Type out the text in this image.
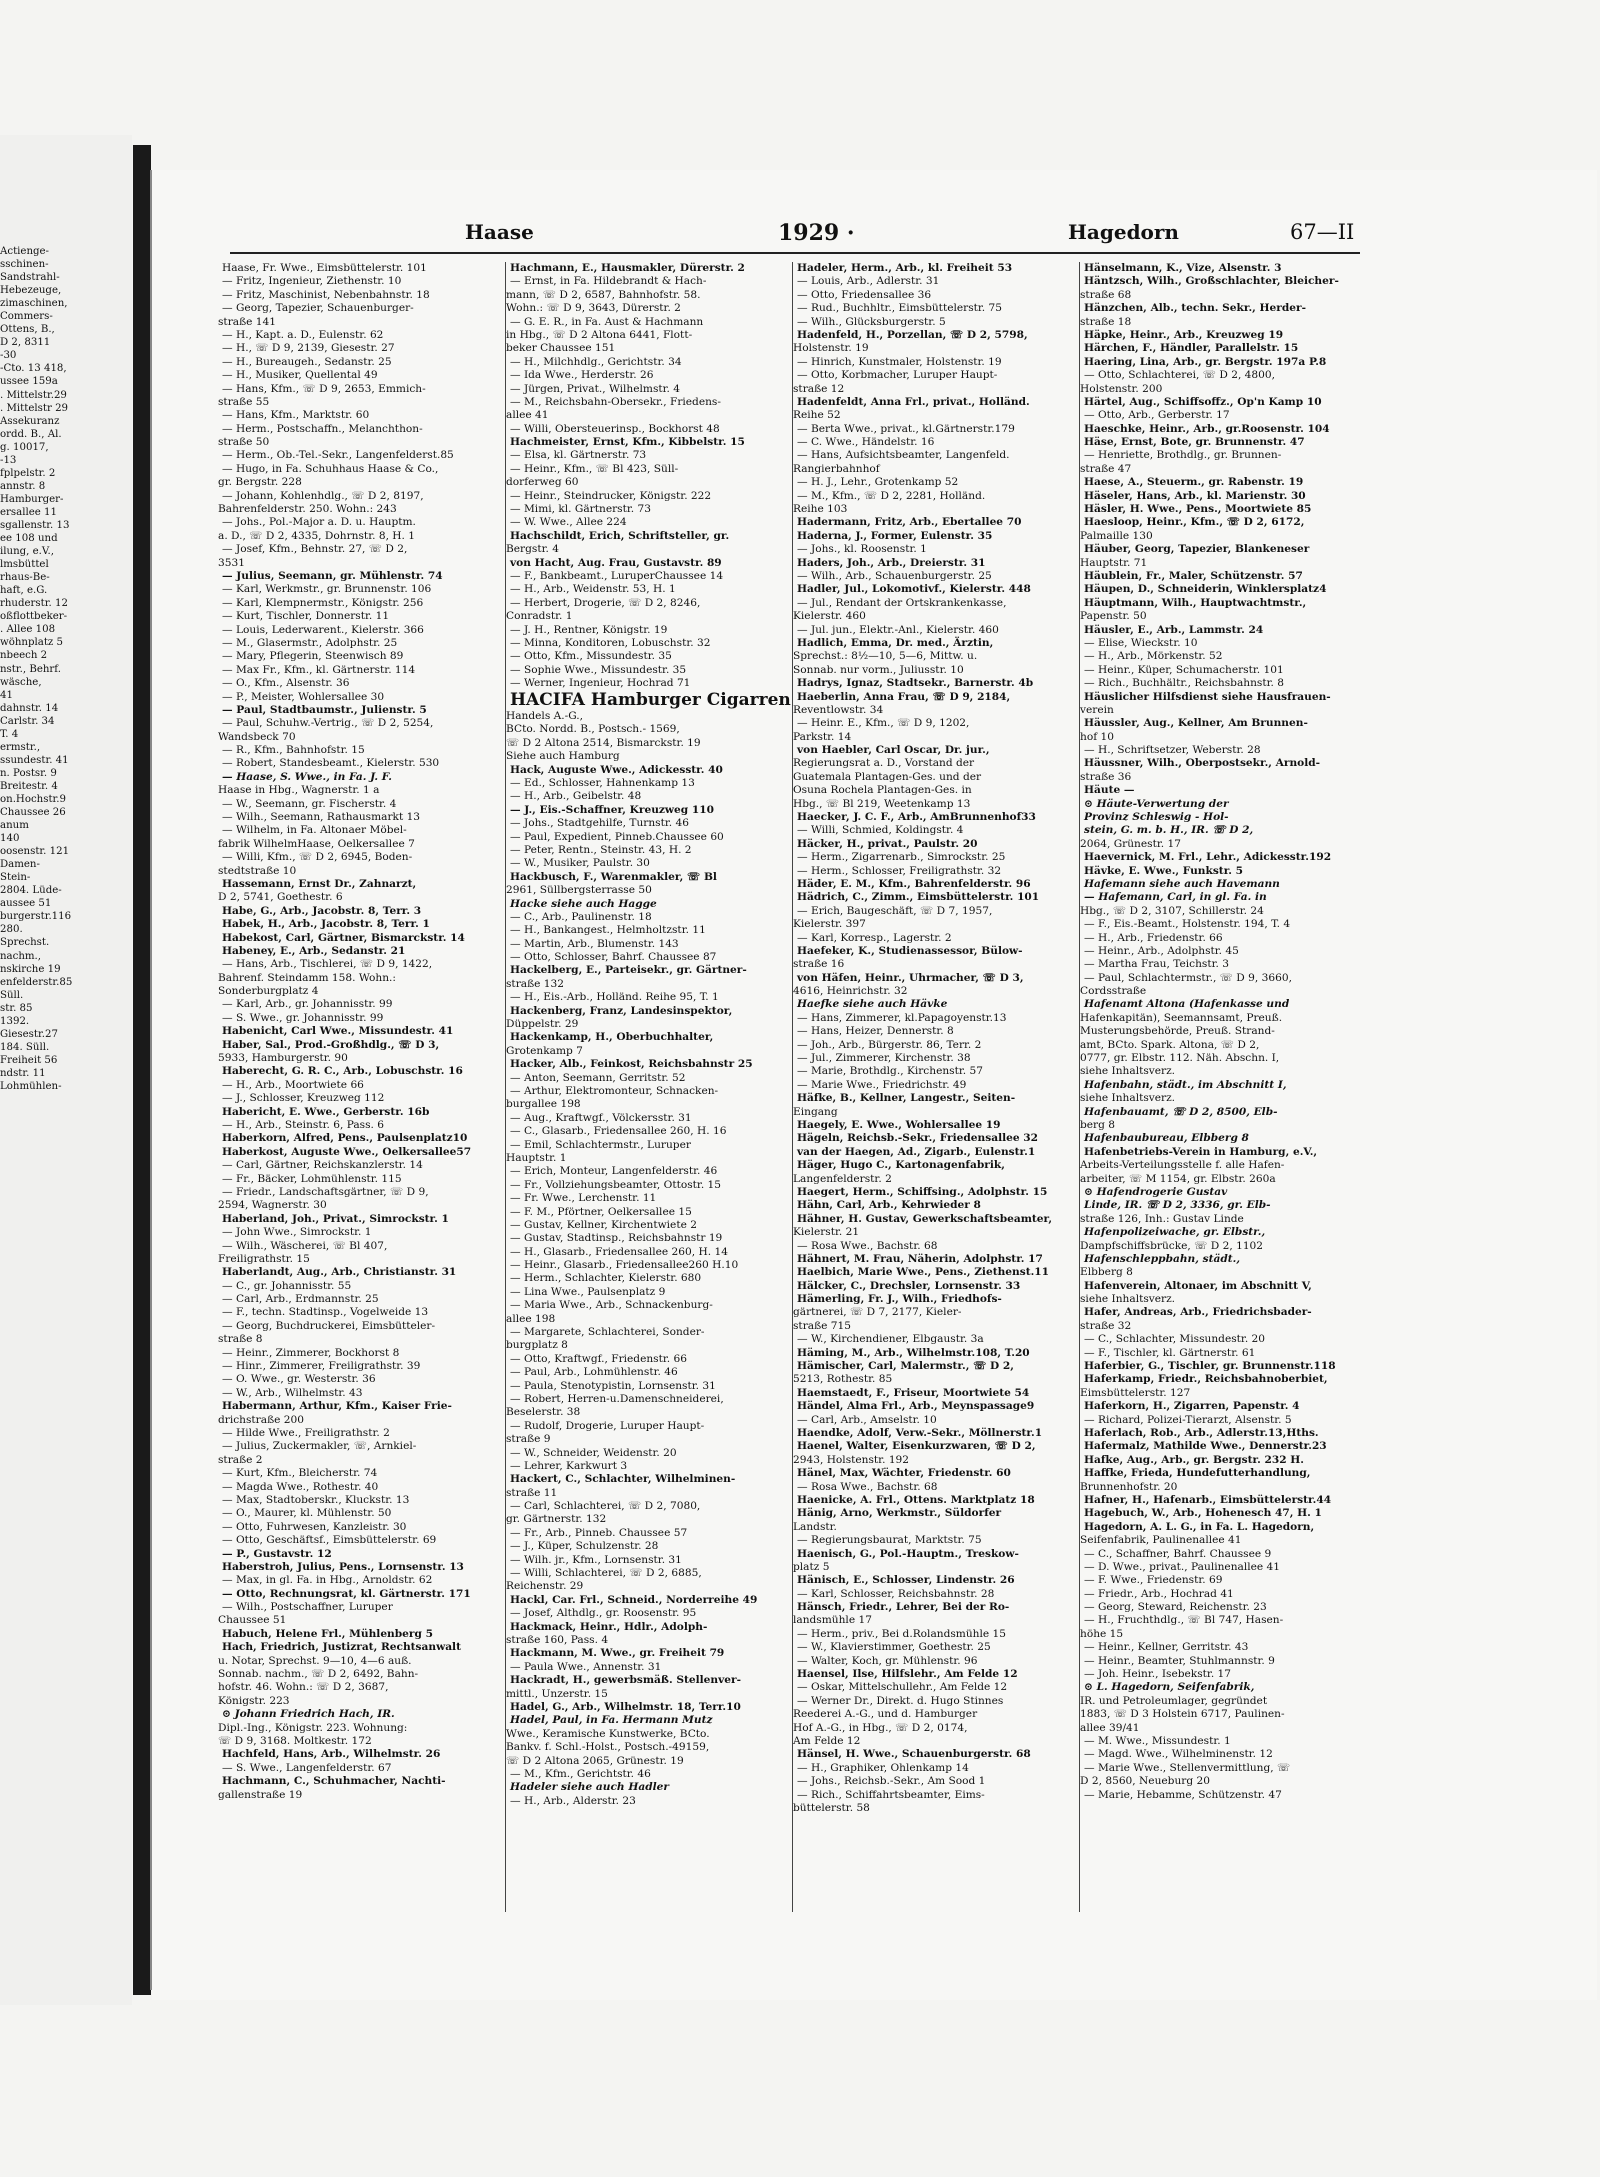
Actienge-
sschinen-
Sandstrahl-
Hebezeuge,
zimaschinen,
Commers-
Ottens, B.,
D 2, 8311
-30
-Cto. 13 418,
ussee 159a
. Mittelstr.29
. Mittelstr 29
Assekuranz
ordd. B., Al.
g. 10017,
-13
fplpelstr. 2
annstr. 8
Hamburger-
ersallee 11
sgallenstr. 13
ee 108 und
ilung, e.V.,
lmsbüttel
rhaus-Be-
haft, e.G.
rhuderstr. 12
oßflottbeker-
. Allee 108
wöhnplatz 5
nbeech 2
nstr., Behrf.
wäsche,
41
dahnstr. 14
Carlstr. 34
T. 4
ermstr.,
ssundestr. 41
n. Postsr. 9
Breitestr. 4
on.Hochstr.9
Chaussee 26
anum
140
oosenstr. 121
Damen-
Stein-
2804. Lüde-
aussee 51
burgerstr.116
280.
Sprechst.
nachm.,
nskirche 19
enfelderstr.85
Süll.
str. 85
1392.
Giesestr.27
184. Süll.
Freiheit 56
ndstr. 11
Lohmühlen-
Haase	1929 ·	Hagedorn	67—II
Haase, Fr. Wwe., Eimsbüttelerstr. 101
— Fritz, Ingenieur, Ziethenstr. 10
— Fritz, Maschinist, Nebenbahnstr. 18
— Georg, Tapezier, Schauenburger-
straße 141
— H., Kapt. a. D., Eulenstr. 62
— H., ☏ D 9, 2139, Giesestr. 27
— H., Bureaugeh., Sedanstr. 25
— H., Musiker, Quellental 49
— Hans, Kfm., ☏ D 9, 2653, Emmich-
straße 55
— Hans, Kfm., Marktstr. 60
— Herm., Postschaffn., Melanchthon-
straße 50
— Herm., Ob.-Tel.-Sekr., Langenfelderst.85
— Hugo, in Fa. Schuhhaus Haase & Co.,
gr. Bergstr. 228
— Johann, Kohlenhdlg., ☏ D 2, 8197,
Bahrenfelderstr. 250. Wohn.: 243
— Johs., Pol.-Major a. D. u. Hauptm.
a. D., ☏ D 2, 4335, Dohrnstr. 8, H. 1
— Josef, Kfm., Behnstr. 27, ☏ D 2,
3531
— Julius, Seemann, gr. Mühlenstr. 74
— Karl, Werkmstr., gr. Brunnenstr. 106
— Karl, Klempnermstr., Königstr. 256
— Kurt, Tischler, Donnerstr. 11
— Louis, Lederwarent., Kielerstr. 366
— M., Glasermstr., Adolphstr. 25
— Mary, Pflegerin, Steenwisch 89
— Max Fr., Kfm., kl. Gärtnerstr. 114
— O., Kfm., Alsenstr. 36
— P., Meister, Wohlersallee 30
— Paul, Stadtbaumstr., Julienstr. 5
— Paul, Schuhw.-Vertrig., ☏ D 2, 5254,
Wandsbeck 70
— R., Kfm., Bahnhofstr. 15
— Robert, Standesbeamt., Kielerstr. 530
— Haase, S. Wwe., in Fa. J. F.
Haase in Hbg., Wagnerstr. 1 a
— W., Seemann, gr. Fischerstr. 4
— Wilh., Seemann, Rathausmarkt 13
— Wilhelm, in Fa. Altonaer Möbel-
fabrik WilhelmHaase, Oelkersallee 7
— Willi, Kfm., ☏ D 2, 6945, Boden-
stedtstraße 10
Hassemann, Ernst Dr., Zahnarzt,
D 2, 5741, Goethestr. 6
Habe, G., Arb., Jacobstr. 8, Terr. 3
Habek, H., Arb., Jacobstr. 8, Terr. 1
Habekost, Carl, Gärtner, Bismarckstr. 14
Habeney, E., Arb., Sedanstr. 21
— Hans, Arb., Tischlerei, ☏ D 9, 1422,
Bahrenf. Steindamm 158. Wohn.:
Sonderburgplatz 4
— Karl, Arb., gr. Johannisstr. 99
— S. Wwe., gr. Johannisstr. 99
Habenicht, Carl Wwe., Missundestr. 41
Haber, Sal., Prod.-Großhdlg., ☏ D 3,
5933, Hamburgerstr. 90
Haberecht, G. R. C., Arb., Lobuschstr. 16
— H., Arb., Moortwiete 66
— J., Schlosser, Kreuzweg 112
Habericht, E. Wwe., Gerberstr. 16b
— H., Arb., Steinstr. 6, Pass. 6
Haberkorn, Alfred, Pens., Paulsenplatz10
Haberkost, Auguste Wwe., Oelkersallee57
— Carl, Gärtner, Reichskanzlerstr. 14
— Fr., Bäcker, Lohmühlenstr. 115
— Friedr., Landschaftsgärtner, ☏ D 9,
2594, Wagnerstr. 30
Haberland, Joh., Privat., Simrockstr. 1
— John Wwe., Simrockstr. 1
— Wilh., Wäscherei, ☏ Bl 407,
Freiligrathstr. 15
Haberlandt, Aug., Arb., Christianstr. 31
— C., gr. Johannisstr. 55
— Carl, Arb., Erdmannstr. 25
— F., techn. Stadtinsp., Vogelweide 13
— Georg, Buchdruckerei, Eimsbütteler-
straße 8
— Heinr., Zimmerer, Bockhorst 8
— Hinr., Zimmerer, Freiligrathstr. 39
— O. Wwe., gr. Westerstr. 36
— W., Arb., Wilhelmstr. 43
Habermann, Arthur, Kfm., Kaiser Frie-
drichstraße 200
— Hilde Wwe., Freiligrathstr. 2
— Julius, Zuckermakler, ☏, Arnkiel-
straße 2
— Kurt, Kfm., Bleicherstr. 74
— Magda Wwe., Rothestr. 40
— Max, Stadtoberskr., Kluckstr. 13
— O., Maurer, kl. Mühlenstr. 50
— Otto, Fuhrwesen, Kanzleistr. 30
— Otto, Geschäftsf., Eimsbüttelerstr. 69
— P., Gustavstr. 12
Haberstroh, Julius, Pens., Lornsenstr. 13
— Max, in gl. Fa. in Hbg., Arnoldstr. 62
— Otto, Rechnungsrat, kl. Gärtnerstr. 171
— Wilh., Postschaffner, Luruper
Chaussee 51
Habuch, Helene Frl., Mühlenberg 5
Hach, Friedrich, Justizrat, Rechtsanwalt
u. Notar, Sprechst. 9—10, 4—6 auß.
Sonnab. nachm., ☏ D 2, 6492, Bahn-
hofstr. 46. Wohn.: ☏ D 2, 3687,
Königstr. 223
⊙ Johann Friedrich Hach, IR.
Dipl.-Ing., Königstr. 223. Wohnung:
☏ D 9, 3168. Moltkestr. 172
Hachfeld, Hans, Arb., Wilhelmstr. 26
— S. Wwe., Langenfelderstr. 67
Hachmann, C., Schuhmacher, Nachti-
gallenstraße 19
Hachmann, E., Hausmakler, Dürerstr. 2
— Ernst, in Fa. Hildebrandt & Hach-
mann, ☏ D 2, 6587, Bahnhofstr. 58.
Wohn.: ☏ D 9, 3643, Dürerstr. 2
— G. E. R., in Fa. Aust & Hachmann
in Hbg., ☏ D 2 Altona 6441, Flott-
beker Chaussee 151
— H., Milchhdlg., Gerichtstr. 34
— Ida Wwe., Herderstr. 26
— Jürgen, Privat., Wilhelmstr. 4
— M., Reichsbahn-Obersekr., Friedens-
allee 41
— Willi, Obersteuerinsp., Bockhorst 48
Hachmeister, Ernst, Kfm., Kibbelstr. 15
— Elsa, kl. Gärtnerstr. 73
— Heinr., Kfm., ☏ Bl 423, Süll-
dorferweg 60
— Heinr., Steindrucker, Königstr. 222
— Mimi, kl. Gärtnerstr. 73
— W. Wwe., Allee 224
Hachschildt, Erich, Schriftsteller, gr.
Bergstr. 4
von Hacht, Aug. Frau, Gustavstr. 89
— F., Bankbeamt., LuruperChaussee 14
— H., Arb., Weidenstr. 53, H. 1
— Herbert, Drogerie, ☏ D 2, 8246,
Conradstr. 1
— J. H., Rentner, Königstr. 19
— Minna, Konditoren, Lobuschstr. 32
— Otto, Kfm., Missundestr. 35
— Sophie Wwe., Missundestr. 35
— Werner, Ingenieur, Hochrad 71
HACIFA Hamburger Cigarren
Handels A.-G.,
BCto. Nordd. B., Postsch.- 1569,
☏ D 2 Altona 2514, Bismarckstr. 19
Siehe auch Hamburg
Hack, Auguste Wwe., Adickesstr. 40
— Ed., Schlosser, Hahnenkamp 13
— H., Arb., Geibelstr. 48
— J., Eis.-Schaffner, Kreuzweg 110
— Johs., Stadtgehilfe, Turnstr. 46
— Paul, Expedient, Pinneb.Chaussee 60
— Peter, Rentn., Steinstr. 43, H. 2
— W., Musiker, Paulstr. 30
Hackbusch, F., Warenmakler, ☏ Bl
2961, Süllbergsterrasse 50
Hacke siehe auch Hagge
— C., Arb., Paulinenstr. 18
— H., Bankangest., Helmholtzstr. 11
— Martin, Arb., Blumenstr. 143
— Otto, Schlosser, Bahrf. Chaussee 87
Hackelberg, E., Parteisekr., gr. Gärtner-
straße 132
— H., Eis.-Arb., Holländ. Reihe 95, T. 1
Hackenberg, Franz, Landesinspektor,
Düppelstr. 29
Hackenkamp, H., Oberbuchhalter,
Grotenkamp 7
Hacker, Alb., Feinkost, Reichsbahnstr 25
— Anton, Seemann, Gerritstr. 52
— Arthur, Elektromonteur, Schnacken-
burgallee 198
— Aug., Kraftwgf., Völckersstr. 31
— C., Glasarb., Friedensallee 260, H. 16
— Emil, Schlachtermstr., Luruper
Hauptstr. 1
— Erich, Monteur, Langenfelderstr. 46
— Fr., Vollziehungsbeamter, Ottostr. 15
— Fr. Wwe., Lerchenstr. 11
— F. M., Pförtner, Oelkersallee 15
— Gustav, Kellner, Kirchentwiete 2
— Gustav, Stadtinsp., Reichsbahnstr 19
— H., Glasarb., Friedensallee 260, H. 14
— Heinr., Glasarb., Friedensallee260 H.10
— Herm., Schlachter, Kielerstr. 680
— Lina Wwe., Paulsenplatz 9
— Maria Wwe., Arb., Schnackenburg-
allee 198
— Margarete, Schlachterei, Sonder-
burgplatz 8
— Otto, Kraftwgf., Friedenstr. 66
— Paul, Arb., Lohmühlenstr. 46
— Paula, Stenotypistin, Lornsenstr. 31
— Robert, Herren-u.Damenschneiderei,
Beselerstr. 38
— Rudolf, Drogerie, Luruper Haupt-
straße 9
— W., Schneider, Weidenstr. 20
— Lehrer, Karkwurt 3
Hackert, C., Schlachter, Wilhelminen-
straße 11
— Carl, Schlachterei, ☏ D 2, 7080,
gr. Gärtnerstr. 132
— Fr., Arb., Pinneb. Chaussee 57
— J., Küper, Schulzenstr. 28
— Wilh. jr., Kfm., Lornsenstr. 31
— Willi, Schlachterei, ☏ D 2, 6885,
Reichenstr. 29
Hackl, Car. Frl., Schneid., Norderreihe 49
— Josef, Althdlg., gr. Roosenstr. 95
Hackmack, Heinr., Hdlr., Adolph-
straße 160, Pass. 4
Hackmann, M. Wwe., gr. Freiheit 79
— Paula Wwe., Annenstr. 31
Hackradt, H., gewerbsmäß. Stellenver-
mittl., Unzerstr. 15
Hadel, G., Arb., Wilhelmstr. 18, Terr.10
Hadel, Paul, in Fa. Hermann Mutz
Wwe., Keramische Kunstwerke, BCto.
Bankv. f. Schl.-Holst., Postsch.-49159,
☏ D 2 Altona 2065, Grünestr. 19
— M., Kfm., Gerichtstr. 46
Hadeler siehe auch Hadler
— H., Arb., Alderstr. 23
Hadeler, Herm., Arb., kl. Freiheit 53
— Louis, Arb., Adlerstr. 31
— Otto, Friedensallee 36
— Rud., Buchhltr., Eimsbüttelerstr. 75
— Wilh., Glücksburgerstr. 5
Hadenfeld, H., Porzellan, ☏ D 2, 5798,
Holstenstr. 19
— Hinrich, Kunstmaler, Holstenstr. 19
— Otto, Korbmacher, Luruper Haupt-
straße 12
Hadenfeldt, Anna Frl., privat., Holländ.
Reihe 52
— Berta Wwe., privat., kl.Gärtnerstr.179
— C. Wwe., Händelstr. 16
— Hans, Aufsichtsbeamter, Langenfeld.
Rangierbahnhof
— H. J., Lehr., Grotenkamp 52
— M., Kfm., ☏ D 2, 2281, Holländ.
Reihe 103
Hadermann, Fritz, Arb., Ebertallee 70
Haderna, J., Former, Eulenstr. 35
— Johs., kl. Roosenstr. 1
Haders, Joh., Arb., Dreierstr. 31
— Wilh., Arb., Schauenburgerstr. 25
Hadler, Jul., Lokomotivf., Kielerstr. 448
— Jul., Rendant der Ortskrankenkasse,
Kielerstr. 460
— Jul. jun., Elektr.-Anl., Kielerstr. 460
Hadlich, Emma, Dr. med., Ärztin,
Sprechst.: 8½—10, 5—6, Mittw. u.
Sonnab. nur vorm., Juliusstr. 10
Hadrys, Ignaz, Stadtsekr., Barnerstr. 4b
Haeberlin, Anna Frau, ☏ D 9, 2184,
Reventlowstr. 34
— Heinr. E., Kfm., ☏ D 9, 1202,
Parkstr. 14
von Haebler, Carl Oscar, Dr. jur.,
Regierungsrat a. D., Vorstand der
Guatemala Plantagen-Ges. und der
Osuna Rochela Plantagen-Ges. in
Hbg., ☏ Bl 219, Weetenkamp 13
Haecker, J. C. F., Arb., AmBrunnenhof33
— Willi, Schmied, Koldingstr. 4
Häcker, H., privat., Paulstr. 20
— Herm., Zigarrenarb., Simrockstr. 25
— Herm., Schlosser, Freiligrathstr. 32
Häder, E. M., Kfm., Bahrenfelderstr. 96
Hädrich, C., Zimm., Eimsbüttelerstr. 101
— Erich, Baugeschäft, ☏ D 7, 1957,
Kielerstr. 397
— Karl, Korresp., Lagerstr. 2
Haefeker, K., Studienassessor, Bülow-
straße 16
von Häfen, Heinr., Uhrmacher, ☏ D 3,
4616, Heinrichstr. 32
Haefke siehe auch Hävke
— Hans, Zimmerer, kl.Papagoyenstr.13
— Hans, Heizer, Dennerstr. 8
— Joh., Arb., Bürgerstr. 86, Terr. 2
— Jul., Zimmerer, Kirchenstr. 38
— Marie, Brothdlg., Kirchenstr. 57
— Marie Wwe., Friedrichstr. 49
Häfke, B., Kellner, Langestr., Seiten-
Eingang
Haegely, E. Wwe., Wohlersallee 19
Hägeln, Reichsb.-Sekr., Friedensallee 32
van der Haegen, Ad., Zigarb., Eulenstr.1
Häger, Hugo C., Kartonagenfabrik,
Langenfelderstr. 2
Haegert, Herm., Schiffsing., Adolphstr. 15
Hähn, Carl, Arb., Kehrwieder 8
Hähner, H. Gustav, Gewerkschaftsbeamter,
Kielerstr. 21
— Rosa Wwe., Bachstr. 68
Hähnert, M. Frau, Näherin, Adolphstr. 17
Haelbich, Marie Wwe., Pens., Ziethenst.11
Hälcker, C., Drechsler, Lornsenstr. 33
Hämerling, Fr. J., Wilh., Friedhofs-
gärtnerei, ☏ D 7, 2177, Kieler-
straße 715
— W., Kirchendiener, Elbgaustr. 3a
Häming, M., Arb., Wilhelmstr.108, T.20
Hämischer, Carl, Malermstr., ☏ D 2,
5213, Rothestr. 85
Haemstaedt, F., Friseur, Moortwiete 54
Händel, Alma Frl., Arb., Meynspassage9
— Carl, Arb., Amselstr. 10
Haendke, Adolf, Verw.-Sekr., Möllnerstr.1
Haenel, Walter, Eisenkurzwaren, ☏ D 2,
2943, Holstenstr. 192
Hänel, Max, Wächter, Friedenstr. 60
— Rosa Wwe., Bachstr. 68
Haenicke, A. Frl., Ottens. Marktplatz 18
Hänig, Arno, Werkmstr., Süldorfer
Landstr.
— Regierungsbaurat, Marktstr. 75
Haenisch, G., Pol.-Hauptm., Treskow-
platz 5
Hänisch, E., Schlosser, Lindenstr. 26
— Karl, Schlosser, Reichsbahnstr. 28
Hänsch, Friedr., Lehrer, Bei der Ro-
landsmühle 17
— Herm., priv., Bei d.Rolandsmühle 15
— W., Klavierstimmer, Goethestr. 25
— Walter, Koch, gr. Mühlenstr. 96
Haensel, Ilse, Hilfslehr., Am Felde 12
— Oskar, Mittelschullehr., Am Felde 12
— Werner Dr., Direkt. d. Hugo Stinnes
Reederei A.-G., und d. Hamburger
Hof A.-G., in Hbg., ☏ D 2, 0174,
Am Felde 12
Hänsel, H. Wwe., Schauenburgerstr. 68
— H., Graphiker, Ohlenkamp 14
— Johs., Reichsb.-Sekr., Am Sood 1
— Rich., Schiffahrtsbeamter, Eims-
büttelerstr. 58
Hänselmann, K., Vize, Alsenstr. 3
Häntzsch, Wilh., Großschlachter, Bleicher-
straße 68
Hänzchen, Alb., techn. Sekr., Herder-
straße 18
Häpke, Heinr., Arb., Kreuzweg 19
Härchen, F., Händler, Parallelstr. 15
Haering, Lina, Arb., gr. Bergstr. 197a P.8
— Otto, Schlachterei, ☏ D 2, 4800,
Holstenstr. 200
Härtel, Aug., Schiffsoffz., Op'n Kamp 10
— Otto, Arb., Gerberstr. 17
Haeschke, Heinr., Arb., gr.Roosenstr. 104
Häse, Ernst, Bote, gr. Brunnenstr. 47
— Henriette, Brothdlg., gr. Brunnen-
straße 47
Haese, A., Steuerm., gr. Rabenstr. 19
Häseler, Hans, Arb., kl. Marienstr. 30
Häsler, H. Wwe., Pens., Moortwiete 85
Haesloop, Heinr., Kfm., ☏ D 2, 6172,
Palmaille 130
Häuber, Georg, Tapezier, Blankeneser
Hauptstr. 71
Häublein, Fr., Maler, Schützenstr. 57
Häupen, D., Schneiderin, Winklersplatz4
Häuptmann, Wilh., Hauptwachtmstr.,
Papenstr. 50
Häusler, E., Arb., Lammstr. 24
— Elise, Wieckstr. 10
— H., Arb., Mörkenstr. 52
— Heinr., Küper, Schumacherstr. 101
— Rich., Buchhältr., Reichsbahnstr. 8
Häuslicher Hilfsdienst siehe Hausfrauen-
verein
Häussler, Aug., Kellner, Am Brunnen-
hof 10
— H., Schriftsetzer, Weberstr. 28
Häussner, Wilh., Oberpostsekr., Arnold-
straße 36
Häute —
⊙ Häute-Verwertung der
Provinz Schleswig - Hol-
stein, G. m. b. H., IR. ☏ D 2,
2064, Grünestr. 17
Haevernick, M. Frl., Lehr., Adickesstr.192
Hävke, E. Wwe., Funkstr. 5
Hafemann siehe auch Havemann
— Hafemann, Carl, in gl. Fa. in
Hbg., ☏ D 2, 3107, Schillerstr. 24
— F., Eis.-Beamt., Holstenstr. 194, T. 4
— H., Arb., Friedenstr. 66
— Heinr., Arb., Adolphstr. 45
— Martha Frau, Teichstr. 3
— Paul, Schlachtermstr., ☏ D 9, 3660,
Cordsstraße
Hafenamt Altona (Hafenkasse und
Hafenkapitän), Seemannsamt, Preuß.
Musterungsbehörde, Preuß. Strand-
amt, BCto. Spark. Altona, ☏ D 2,
0777, gr. Elbstr. 112. Näh. Abschn. I,
siehe Inhaltsverz.
Hafenbahn, städt., im Abschnitt I,
siehe Inhaltsverz.
Hafenbauamt, ☏ D 2, 8500, Elb-
berg 8
Hafenbaubureau, Elbberg 8
Hafenbetriebs-Verein in Hamburg, e.V.,
Arbeits-Verteilungsstelle f. alle Hafen-
arbeiter, ☏ M 1154, gr. Elbstr. 260a
⊙ Hafendrogerie Gustav
Linde, IR. ☏ D 2, 3336, gr. Elb-
straße 126, Inh.: Gustav Linde
Hafenpolizeiwache, gr. Elbstr.,
Dampfschiffsbrücke, ☏ D 2, 1102
Hafenschleppbahn, städt.,
Elbberg 8
Hafenverein, Altonaer, im Abschnitt V,
siehe Inhaltsverz.
Hafer, Andreas, Arb., Friedrichsbader-
straße 32
— C., Schlachter, Missundestr. 20
— F., Tischler, kl. Gärtnerstr. 61
Haferbier, G., Tischler, gr. Brunnenstr.118
Haferkamp, Friedr., Reichsbahnoberbiet,
Eimsbüttelerstr. 127
Haferkorn, H., Zigarren, Papenstr. 4
— Richard, Polizei-Tierarzt, Alsenstr. 5
Haferlach, Rob., Arb., Adlerstr.13,Hths.
Hafermalz, Mathilde Wwe., Dennerstr.23
Hafke, Aug., Arb., gr. Bergstr. 232 H.
Haffke, Frieda, Hundefutterhandlung,
Brunnenhofstr. 20
Hafner, H., Hafenarb., Eimsbüttelerstr.44
Hagebuch, W., Arb., Hohenesch 47, H. 1
Hagedorn, A. L. G., in Fa. L. Hagedorn,
Seifenfabrik, Paulinenallee 41
— C., Schaffner, Bahrf. Chaussee 9
— D. Wwe., privat., Paulinenallee 41
— F. Wwe., Friedenstr. 69
— Friedr., Arb., Hochrad 41
— Georg, Steward, Reichenstr. 23
— H., Fruchthdlg., ☏ Bl 747, Hasen-
höhe 15
— Heinr., Kellner, Gerritstr. 43
— Heinr., Beamter, Stuhlmannstr. 9
— Joh. Heinr., Isebekstr. 17
⊙ L. Hagedorn, Seifenfabrik,
IR. und Petroleumlager, gegründet
1883, ☏ D 3 Holstein 6717, Paulinen-
allee 39/41
— M. Wwe., Missundestr. 1
— Magd. Wwe., Wilhelminenstr. 12
— Marie Wwe., Stellenvermittlung, ☏
D 2, 8560, Neueburg 20
— Marie, Hebamme, Schützenstr. 47
